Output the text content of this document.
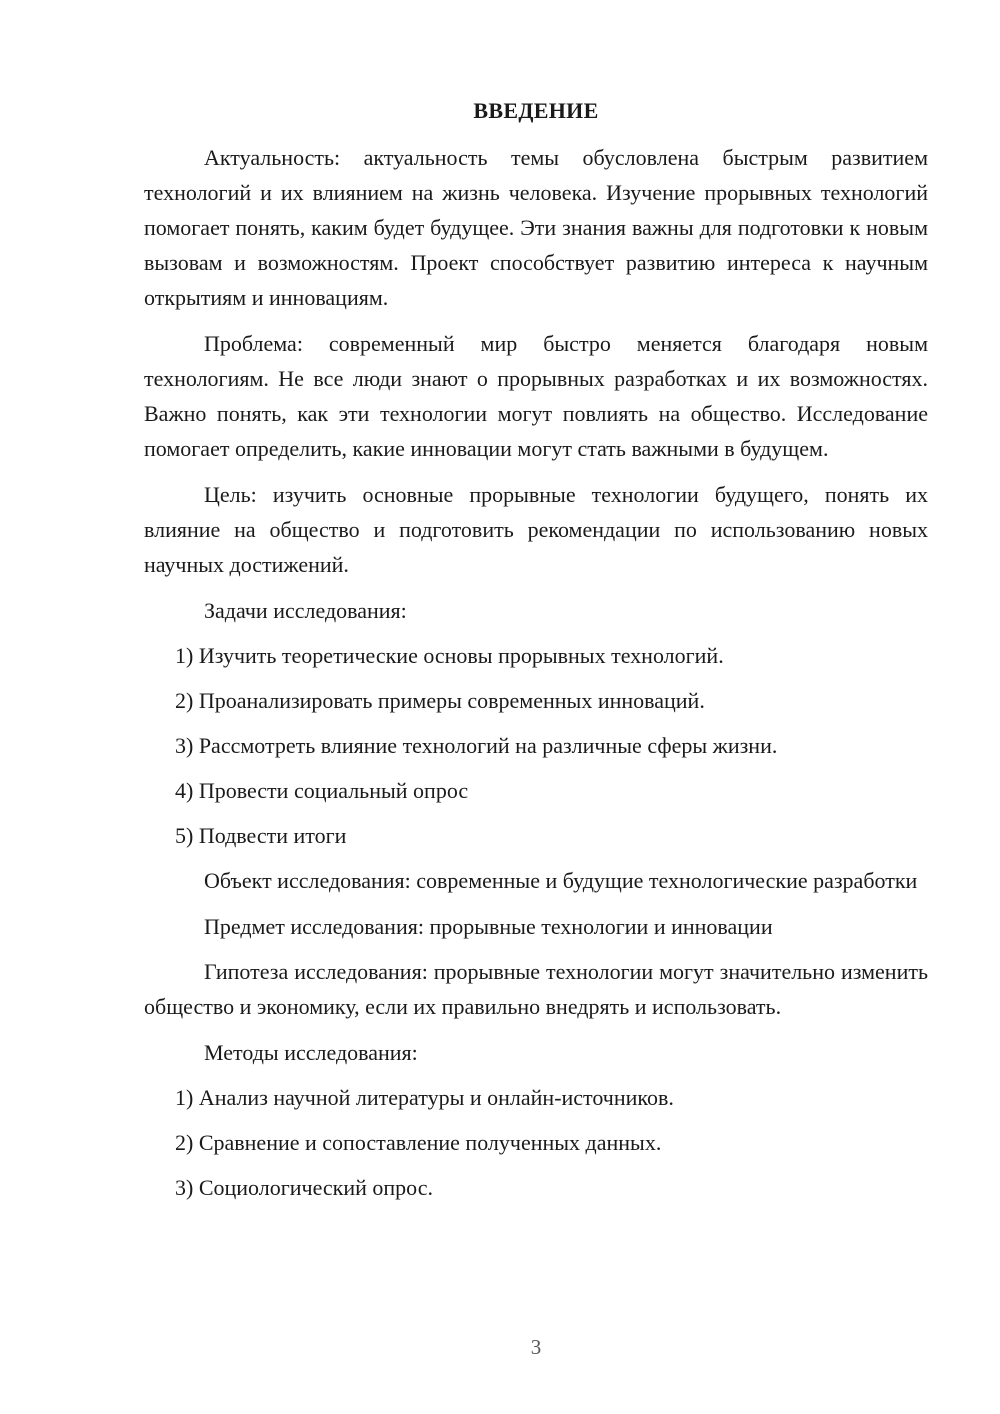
ВВЕДЕНИЕ

Актуальность: актуальность темы обусловлена быстрым развитием технологий и их влиянием на жизнь человека. Изучение прорывных технологий помогает понять, каким будет будущее. Эти знания важны для подготовки к новым вызовам и возможностям. Проект способствует развитию интереса к научным открытиям и инновациям.

Проблема: современный мир быстро меняется благодаря новым технологиям. Не все люди знают о прорывных разработках и их возможностях. Важно понять, как эти технологии могут повлиять на общество. Исследование помогает определить, какие инновации могут стать важными в будущем.

Цель: изучить основные прорывные технологии будущего, понять их влияние на общество и подготовить рекомендации по использованию новых научных достижений.

Задачи исследования:
1) Изучить теоретические основы прорывных технологий.
2) Проанализировать примеры современных инноваций.
3) Рассмотреть влияние технологий на различные сферы жизни.
4) Провести социальный опрос
5) Подвести итоги

Объект исследования: современные и будущие технологические разработки

Предмет исследования: прорывные технологии и инновации

Гипотеза исследования: прорывные технологии могут значительно изменить общество и экономику, если их правильно внедрять и использовать.

Методы исследования:
1) Анализ научной литературы и онлайн-источников.
2) Сравнение и сопоставление полученных данных.
3) Социологический опрос.
3
